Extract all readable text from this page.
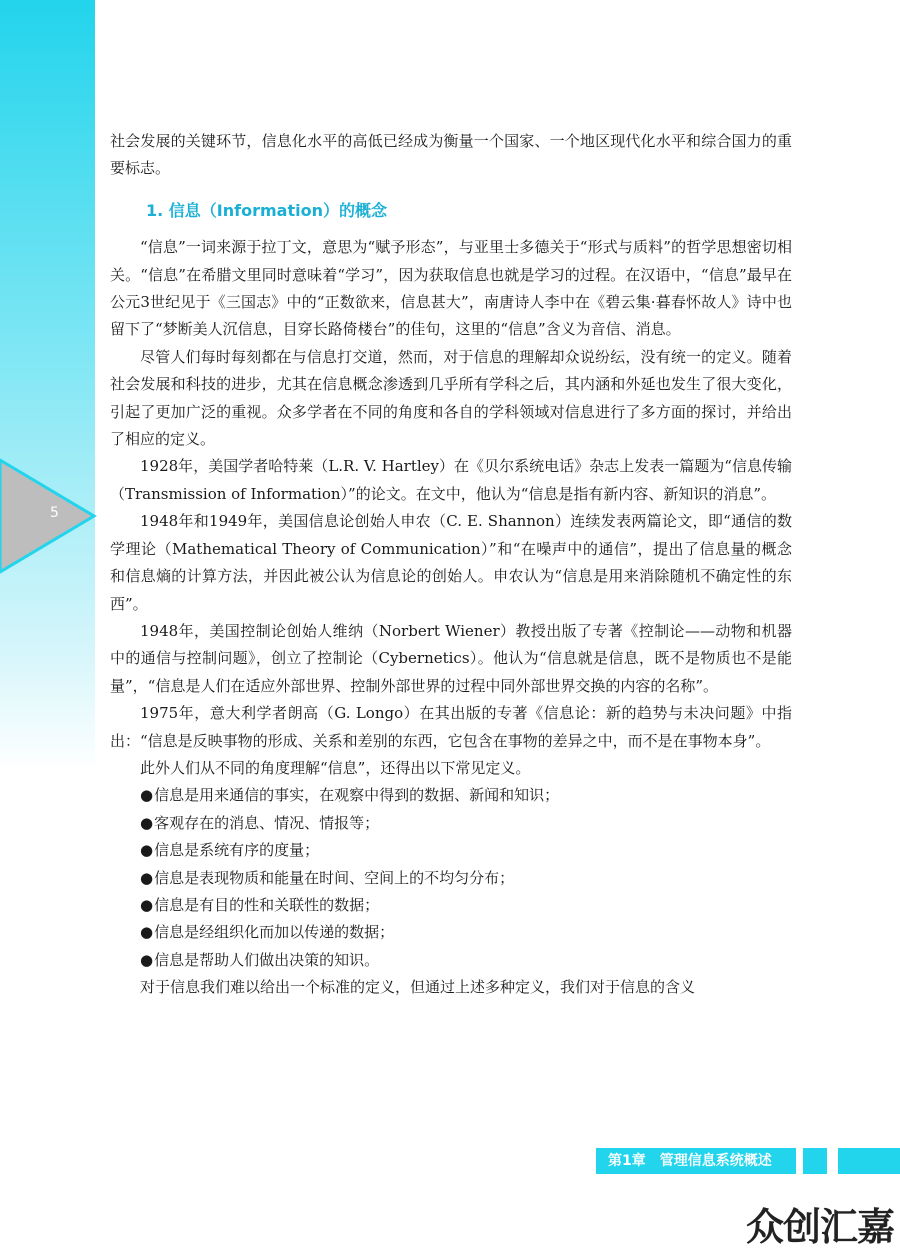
5

社会发展的关键环节，信息化水平的高低已经成为衡量一个国家、一个地区现代化水平和综合国力的重要标志。

1. 信息（Information）的概念

“信息”一词来源于拉丁文，意思为“赋予形态”，与亚里士多德关于“形式与质料”的哲学思想密切相关。“信息”在希腊文里同时意味着“学习”，因为获取信息也就是学习的过程。在汉语中，“信息”最早在公元3世纪见于《三国志》中的“正数欲来，信息甚大”，南唐诗人李中在《碧云集·暮春怀故人》诗中也留下了“梦断美人沉信息，目穿长路倚楼台”的佳句，这里的“信息”含义为音信、消息。

尽管人们每时每刻都在与信息打交道，然而，对于信息的理解却众说纷纭，没有统一的定义。随着社会发展和科技的进步，尤其在信息概念渗透到几乎所有学科之后，其内涵和外延也发生了很大变化，引起了更加广泛的重视。众多学者在不同的角度和各自的学科领域对信息进行了多方面的探讨，并给出了相应的定义。

1928年，美国学者哈特莱（L.R. V. Hartley）在《贝尔系统电话》杂志上发表一篇题为“信息传输（Transmission of Information）”的论文。在文中，他认为“信息是指有新内容、新知识的消息”。

1948年和1949年，美国信息论创始人申农（C. E. Shannon）连续发表两篇论文，即“通信的数学理论（Mathematical Theory of Communication）”和“在噪声中的通信”，提出了信息量的概念和信息熵的计算方法，并因此被公认为信息论的创始人。申农认为“信息是用来消除随机不确定性的东西”。

1948年，美国控制论创始人维纳（Norbert Wiener）教授出版了专著《控制论——动物和机器中的通信与控制问题》，创立了控制论（Cybernetics）。他认为“信息就是信息，既不是物质也不是能量”，“信息是人们在适应外部世界、控制外部世界的过程中同外部世界交换的内容的名称”。

1975年，意大利学者朗高（G. Longo）在其出版的专著《信息论：新的趋势与未决问题》中指出：“信息是反映事物的形成、关系和差别的东西，它包含在事物的差异之中，而不是在事物本身”。

此外人们从不同的角度理解“信息”，还得出以下常见定义。

●信息是用来通信的事实，在观察中得到的数据、新闻和知识；

●客观存在的消息、情况、情报等；

●信息是系统有序的度量；

●信息是表现物质和能量在时间、空间上的不均匀分布；

●信息是有目的性和关联性的数据；

●信息是经组织化而加以传递的数据；

●信息是帮助人们做出决策的知识。

对于信息我们难以给出一个标准的定义，但通过上述多种定义，我们对于信息的含义

第1章　管理信息系统概述
众创汇嘉
